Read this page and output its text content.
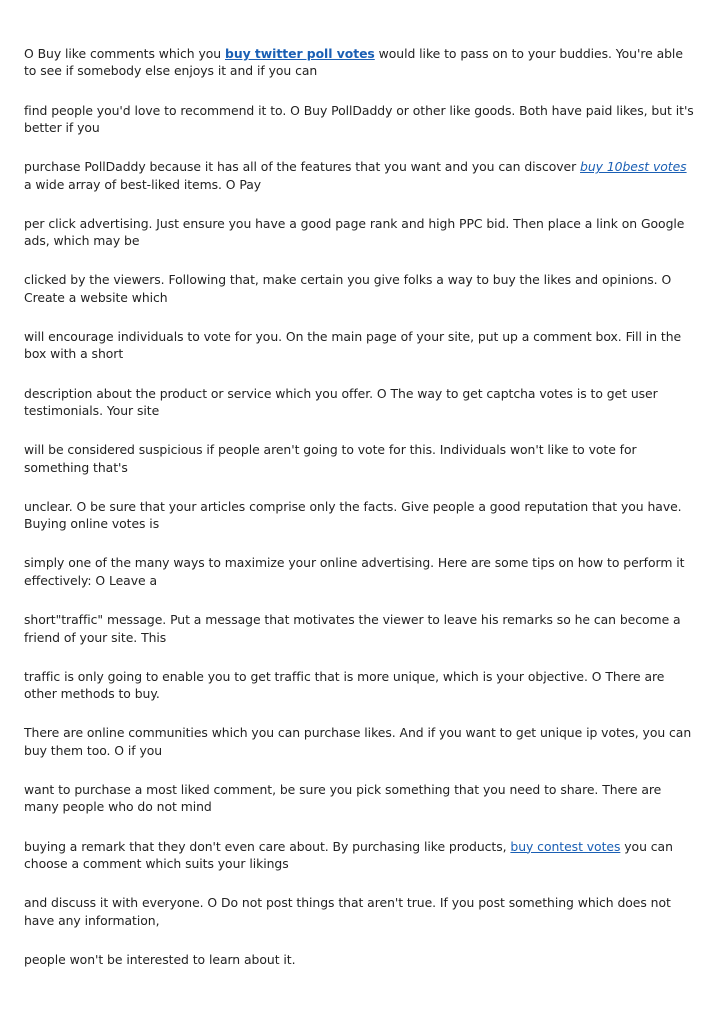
O Buy like comments which you buy twitter poll votes would like to pass on to your buddies. You're able to see if somebody else enjoys it and if you can

find people you'd love to recommend it to. O Buy PollDaddy or other like goods. Both have paid likes, but it's better if you

purchase PollDaddy because it has all of the features that you want and you can discover buy 10best votes a wide array of best-liked items. O Pay

per click advertising. Just ensure you have a good page rank and high PPC bid. Then place a link on Google ads, which may be

clicked by the viewers. Following that, make certain you give folks a way to buy the likes and opinions. O Create a website which

will encourage individuals to vote for you. On the main page of your site, put up a comment box. Fill in the box with a short

description about the product or service which you offer. O The way to get captcha votes is to get user testimonials. Your site

will be considered suspicious if people aren't going to vote for this. Individuals won't like to vote for something that's

unclear. O be sure that your articles comprise only the facts. Give people a good reputation that you have. Buying online votes is

simply one of the many ways to maximize your online advertising. Here are some tips on how to perform it effectively: O Leave a

short"traffic" message. Put a message that motivates the viewer to leave his remarks so he can become a friend of your site. This

traffic is only going to enable you to get traffic that is more unique, which is your objective. O There are other methods to buy.

There are online communities which you can purchase likes. And if you want to get unique ip votes, you can buy them too. O if you

want to purchase a most liked comment, be sure you pick something that you need to share. There are many people who do not mind

buying a remark that they don't even care about. By purchasing like products, buy contest votes you can choose a comment which suits your likings

and discuss it with everyone. O Do not post things that aren't true. If you post something which does not have any information,

people won't be interested to learn about it.
